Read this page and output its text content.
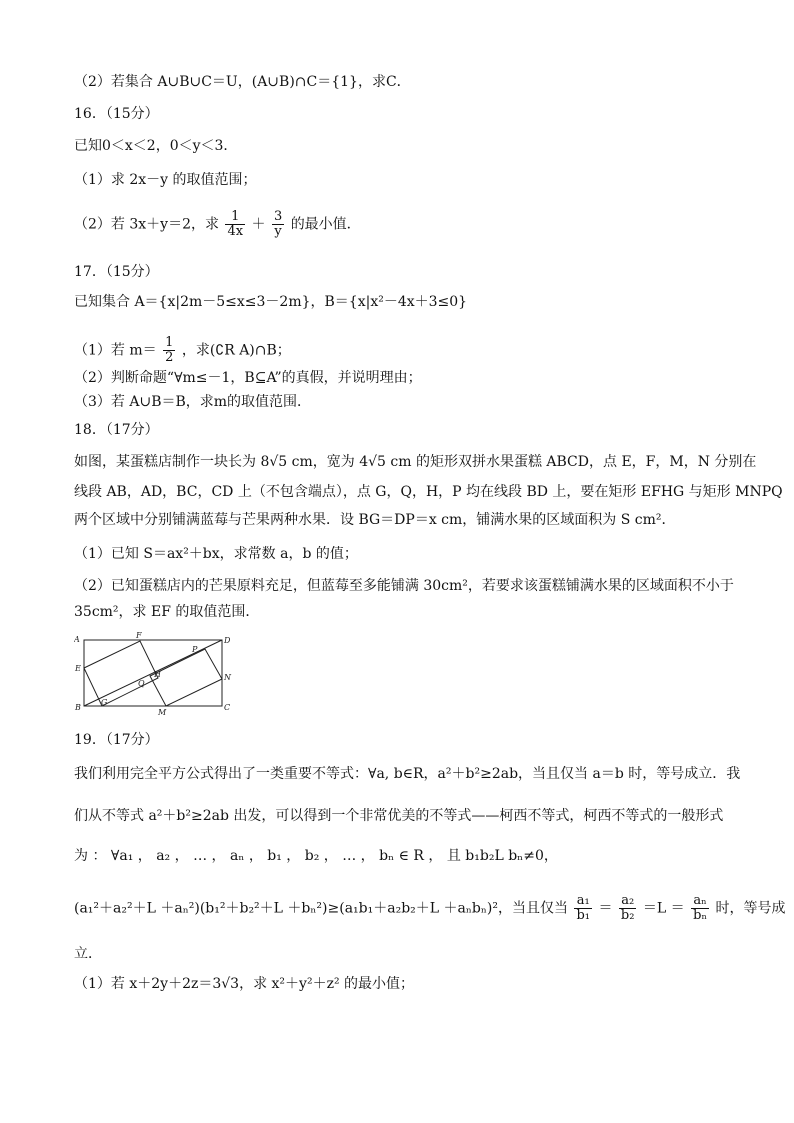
（2）若集合 A∪B∪C＝U，(A∪B)∩C＝{1}，求C．
16．（15分）
已知0＜x＜2，0＜y＜3．
（1）求 2x－y 的取值范围；
（2）若 3x＋y＝2，求 $\frac{1}{4x} + \frac{3}{y}$ 的最小值．
17．（15分）
已知集合 A＝{x|2m－5≤x≤3－2m}，B＝{x|x²－4x＋3≤0}
（1）若 $m= \frac{1}{2}$ ，求(∁R A)∩B；
（2）判断命题“∀m≤－1，B⊆A”的真假，并说明理由；
（3）若 A∪B＝B，求m的取值范围．
18．（17分）
如图，某蛋糕店制作一块长为 8√5 cm，宽为 4√5 cm 的矩形双拼水果蛋糕 ABCD，点 E，F，M，N 分别在
线段 AB，AD，BC，CD 上（不包含端点），点 G，Q，H，P 均在线段 BD 上，要在矩形 EFHG 与矩形 MNPQ
两个区域中分别铺满蓝莓与芒果两种水果．设 BG＝DP＝x cm，铺满水果的区域面积为 S cm²．
（1）已知 S＝ax²＋bx，求常数 a，b 的值；
（2）已知蛋糕店内的芒果原料充足，但蓝莓至多能铺满 30cm²，若要求该蛋糕铺满水果的区域面积不小于
35cm²，求 EF 的取值范围．
A	F
D
P
E
H
Q
N
B
G
M
C
19．（17分）
我们利用完全平方公式得出了一类重要不等式：∀a, b∈R，a²＋b²≥2ab，当且仅当 a＝b 时，等号成立．我
们从不等式 a²＋b²≥2ab 出发，可以得到一个非常优美的不等式——柯西不等式，柯西不等式的一般形式
为 ： ∀a₁ ， a₂ ， … ， aₙ ， b₁ ， b₂ ， … ， bₙ ∈ R ， 且 b₁b₂L bₙ≠0，
(a₁²＋a₂²＋L ＋aₙ²)(b₁²＋b₂²＋L ＋bₙ²)≥(a₁b₁＋a₂b₂＋L ＋aₙbₙ)²，当且仅当 $\frac{\text{a₁}}{\text{b₁}} = \frac{\text{a₂}}{\text{b₂}} =L = \frac{\text{aₙ}}{\text{bₙ}}$ 时，等号成
立．
（1）若 x＋2y＋2z＝3√3，求 x²＋y²＋z² 的最小值；
